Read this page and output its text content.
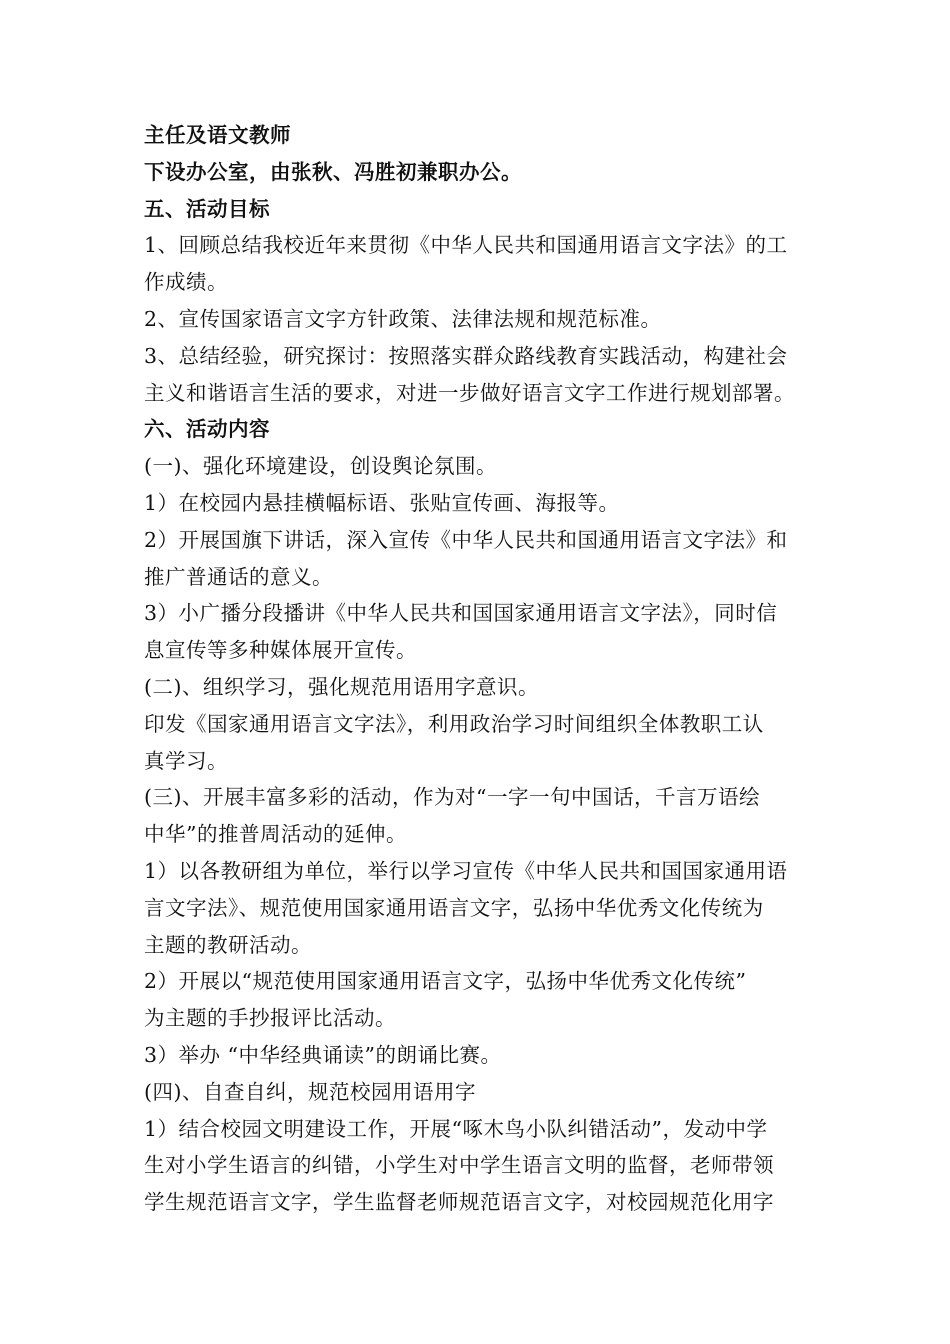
主任及语文教师
下设办公室，由张秋、冯胜初兼职办公。
五、活动目标
1、回顾总结我校近年来贯彻《中华人民共和国通用语言文字法》的工
作成绩。
2、宣传国家语言文字方针政策、法律法规和规范标准。
3、总结经验，研究探讨：按照落实群众路线教育实践活动，构建社会
主义和谐语言生活的要求，对进一步做好语言文字工作进行规划部署。
六、活动内容
(一)、强化环境建设，创设舆论氛围。
1）在校园内悬挂横幅标语、张贴宣传画、海报等。
2）开展国旗下讲话，深入宣传《中华人民共和国通用语言文字法》和
推广普通话的意义。
3）小广播分段播讲《中华人民共和国国家通用语言文字法》，同时信
息宣传等多种媒体展开宣传。
(二)、组织学习，强化规范用语用字意识。
印发《国家通用语言文字法》，利用政治学习时间组织全体教职工认
真学习。
(三)、开展丰富多彩的活动，作为对“一字一句中国话，千言万语绘
中华”的推普周活动的延伸。
1）以各教研组为单位，举行以学习宣传《中华人民共和国国家通用语
言文字法》、规范使用国家通用语言文字，弘扬中华优秀文化传统为
主题的教研活动。
2）开展以“规范使用国家通用语言文字，弘扬中华优秀文化传统”
为主题的手抄报评比活动。
3）举办 “中华经典诵读”的朗诵比赛。
(四)、自查自纠，规范校园用语用字
1）结合校园文明建设工作，开展“啄木鸟小队纠错活动”，发动中学
生对小学生语言的纠错，小学生对中学生语言文明的监督，老师带领
学生规范语言文字，学生监督老师规范语言文字，对校园规范化用字
